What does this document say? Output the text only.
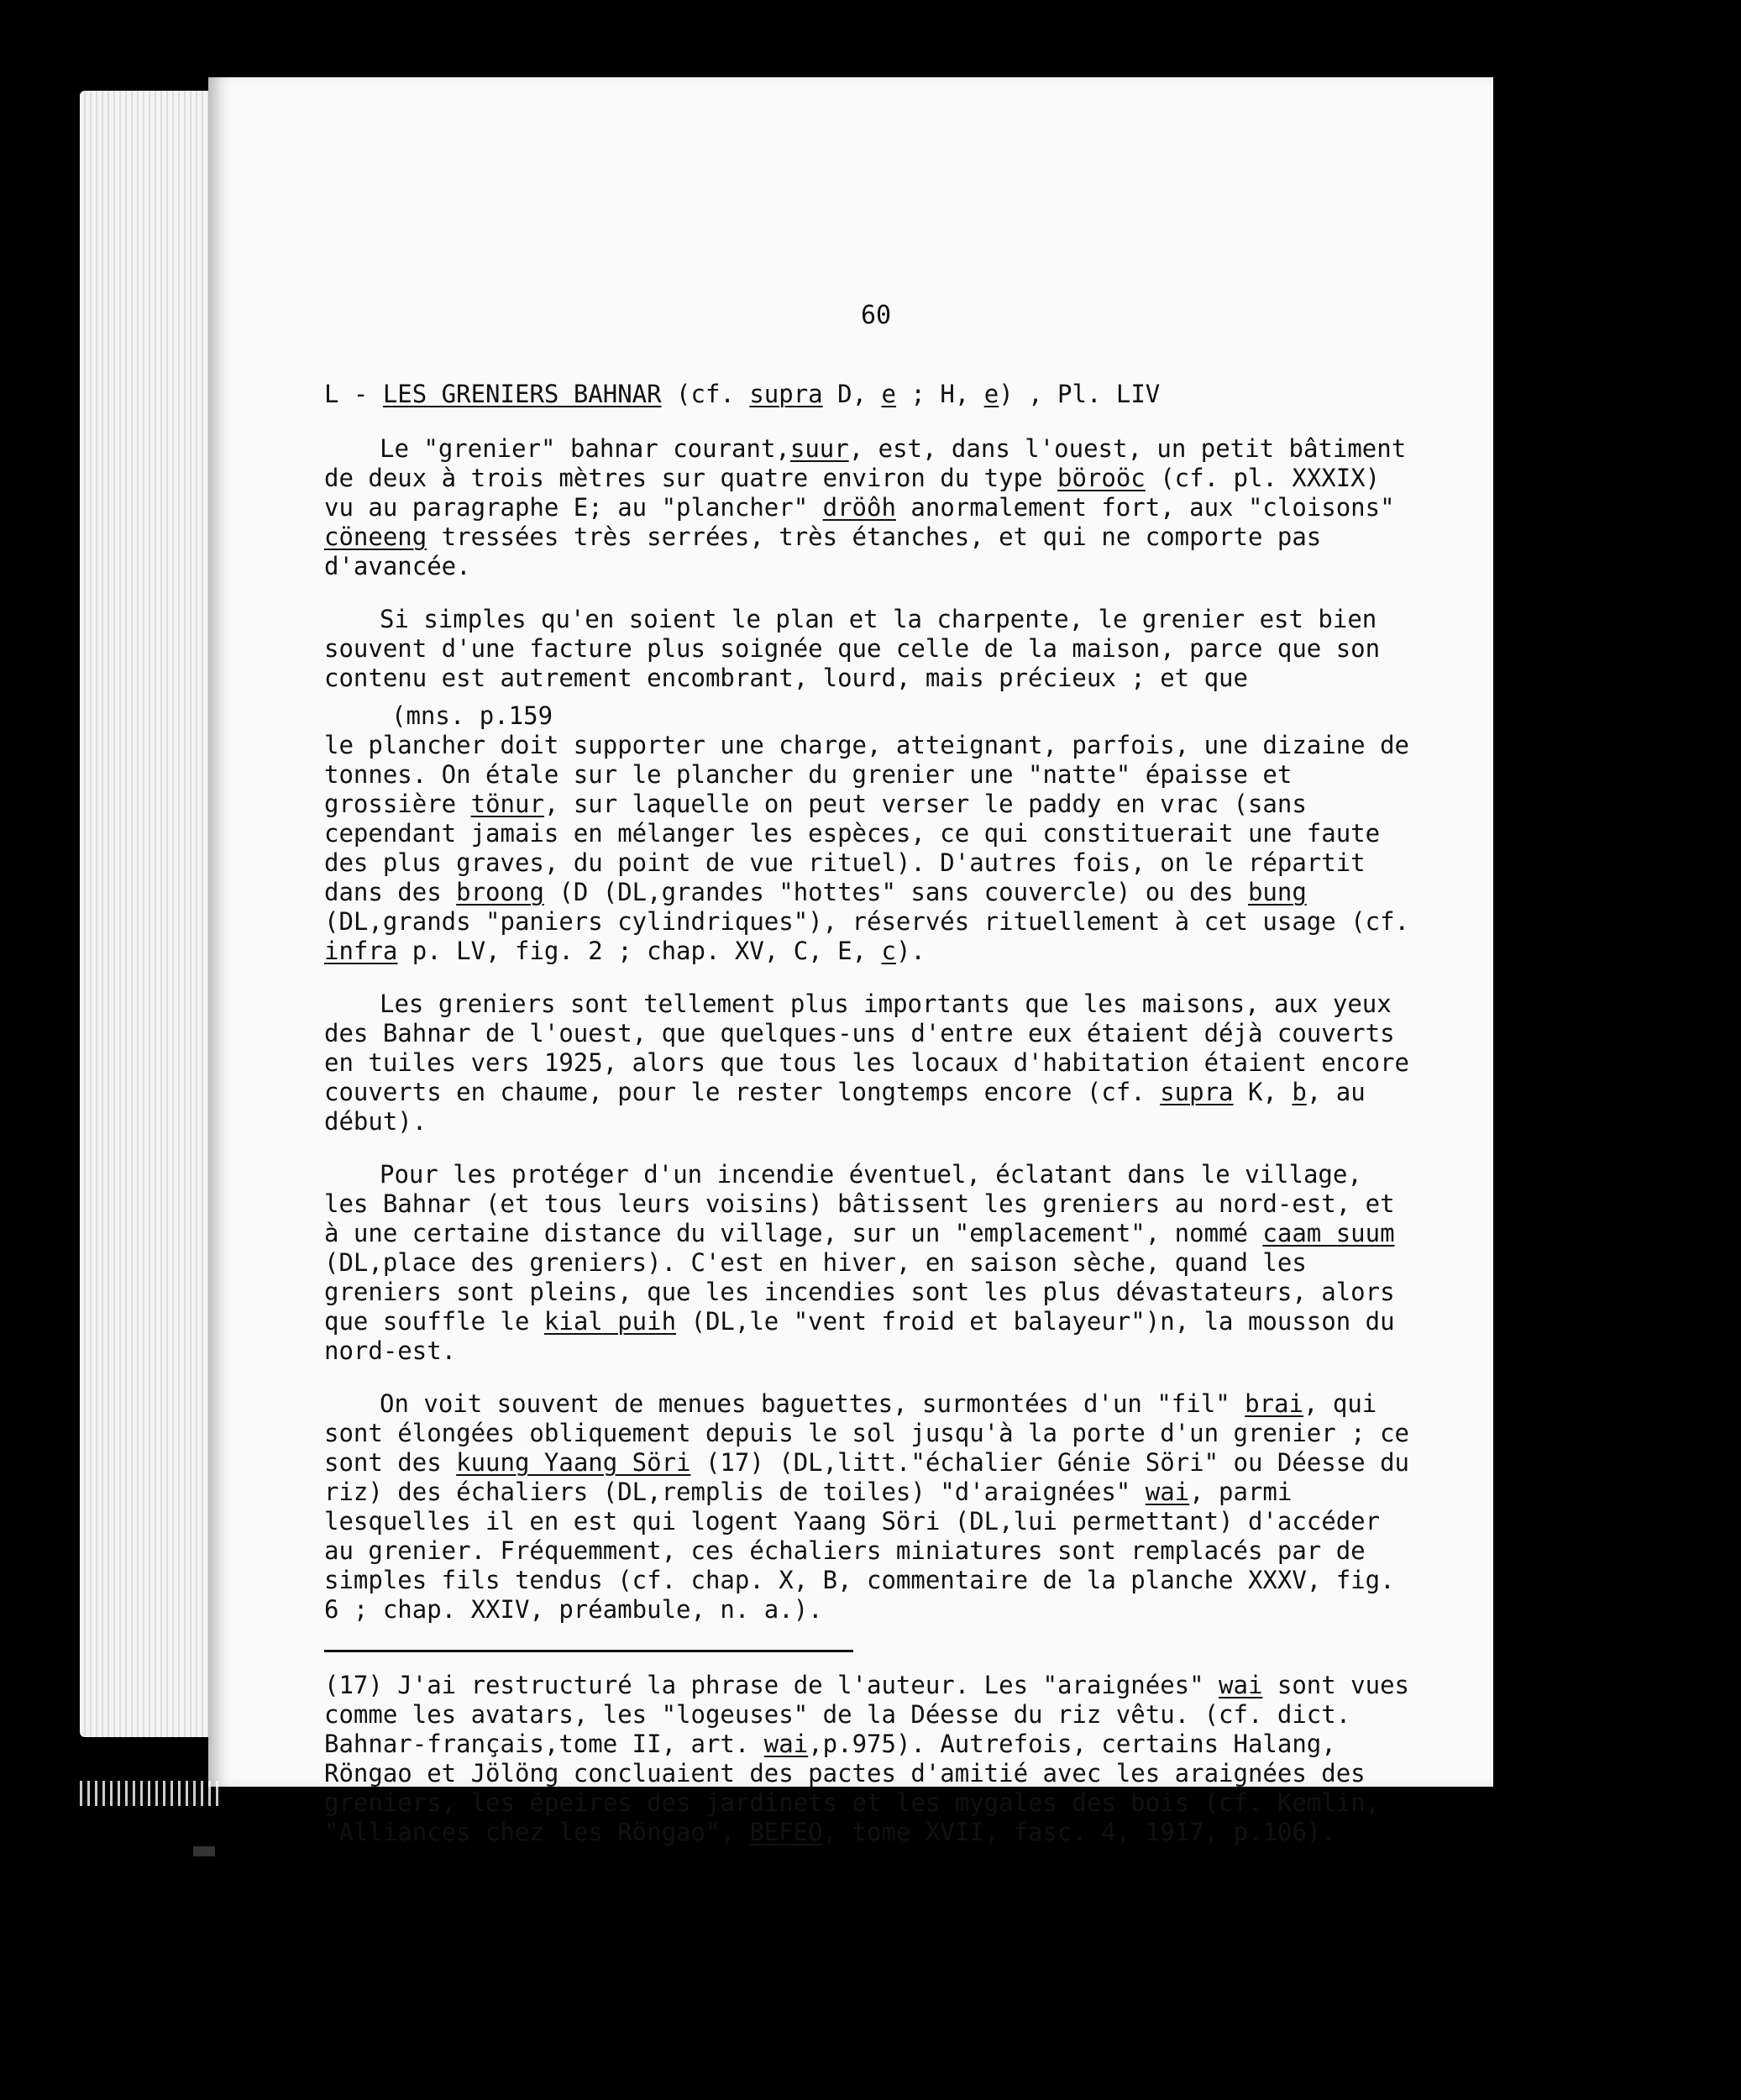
ad l'on trouve
à  le logement
à  marge
à
--
--
--
Cette maison
les autres
cede

60
L - LES GRENIERS BAHNAR (cf. supra D, e ; H, e) , Pl. LIV

Le "grenier" bahnar courant,suur, est, dans l'ouest, un petit bâtiment de deux à trois mètres sur quatre environ du type böroöc (cf. pl. XXXIX) vu au paragraphe E; au "plancher" dröôh anormalement fort, aux "cloisons" cöneeng tressées très serrées, très étanches, et qui ne comporte pas d'avancée.

Si simples qu'en soient le plan et la charpente, le grenier est bien souvent d'une facture plus soignée que celle de la maison, parce que son contenu est autrement encombrant, lourd, mais précieux ; et que

(mns. p.159

le plancher doit supporter une charge, atteignant, parfois, une dizaine de tonnes. On étale sur le plancher du grenier une "natte" épaisse et grossière tönur, sur laquelle on peut verser le paddy en vrac (sans cependant jamais en mélanger les espèces, ce qui constituerait une faute des plus graves, du point de vue rituel). D'autres fois, on le répartit dans des broong (D (DL,grandes "hottes" sans couvercle) ou des bung (DL,grands "paniers cylindriques"), réservés rituellement à cet usage (cf. infra p. LV, fig. 2 ; chap. XV, C, E, c).

Les greniers sont tellement plus importants que les maisons, aux yeux des Bahnar de l'ouest, que quelques-uns d'entre eux étaient déjà couverts en tuiles vers 1925, alors que tous les locaux d'habitation étaient encore couverts en chaume, pour le rester longtemps encore (cf. supra K, b, au début).

Pour les protéger d'un incendie éventuel, éclatant dans le village, les Bahnar (et tous leurs voisins) bâtissent les greniers au nord-est, et à une certaine distance du village, sur un "emplacement", nommé caam suum (DL,place des greniers). C'est en hiver, en saison sèche, quand les greniers sont pleins, que les incendies sont les plus dévastateurs, alors que souffle le kial puih (DL,le "vent froid et balayeur")n, la mousson du nord-est.

On voit souvent de menues baguettes, surmontées d'un "fil" brai, qui sont élongées obliquement depuis le sol jusqu'à la porte d'un grenier ; ce sont des kuung Yaang Söri (17) (DL,litt."échalier Génie Söri" ou Déesse du riz) des échaliers (DL,remplis de toiles) "d'araignées" wai, parmi lesquelles il en est qui logent Yaang Söri (DL,lui permettant) d'accéder au grenier. Fréquemment, ces échaliers miniatures sont remplacés par de simples fils tendus (cf. chap. X, B, commentaire de la planche XXXV, fig. 6 ; chap. XXIV, préambule, n. a.).

(17) J'ai restructuré la phrase de l'auteur. Les "araignées" wai sont vues comme les avatars, les "logeuses" de la Déesse du riz vêtu. (cf. dict. Bahnar-français,tome II, art. wai,p.975). Autrefois, certains Halang, Röngao et Jölöng concluaient des pactes d'amitié avec les araignées des greniers, les épeires des jardinets et les mygales des bois (cf. Kemlin, "Alliances chez les Röngao", BEFEO, tome XVII, fasc. 4, 1917, p.106).
